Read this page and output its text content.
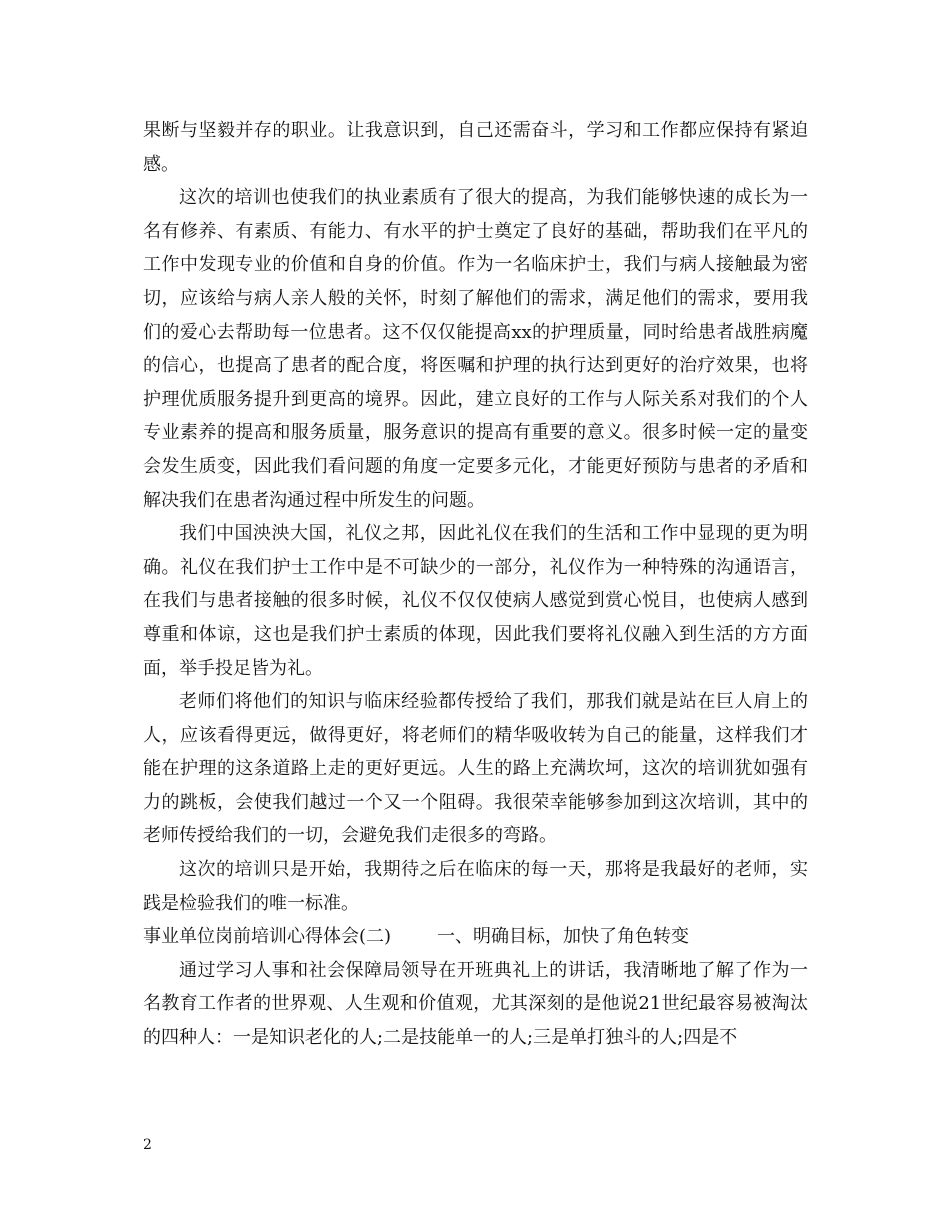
果断与坚毅并存的职业。让我意识到，自己还需奋斗，学习和工作都应保持有紧迫感。

这次的培训也使我们的执业素质有了很大的提高，为我们能够快速的成长为一名有修养、有素质、有能力、有水平的护士奠定了良好的基础，帮助我们在平凡的工作中发现专业的价值和自身的价值。作为一名临床护士，我们与病人接触最为密切，应该给与病人亲人般的关怀，时刻了解他们的需求，满足他们的需求，要用我们的爱心去帮助每一位患者。这不仅仅能提高xx的护理质量，同时给患者战胜病魔的信心，也提高了患者的配合度，将医嘱和护理的执行达到更好的治疗效果，也将护理优质服务提升到更高的境界。因此，建立良好的工作与人际关系对我们的个人专业素养的提高和服务质量，服务意识的提高有重要的意义。很多时候一定的量变会发生质变，因此我们看问题的角度一定要多元化，才能更好预防与患者的矛盾和解决我们在患者沟通过程中所发生的问题。

我们中国泱泱大国，礼仪之邦，因此礼仪在我们的生活和工作中显现的更为明确。礼仪在我们护士工作中是不可缺少的一部分，礼仪作为一种特殊的沟通语言，在我们与患者接触的很多时候，礼仪不仅仅使病人感觉到赏心悦目，也使病人感到尊重和体谅，这也是我们护士素质的体现，因此我们要将礼仪融入到生活的方方面面，举手投足皆为礼。

老师们将他们的知识与临床经验都传授给了我们，那我们就是站在巨人肩上的人，应该看得更远，做得更好，将老师们的精华吸收转为自己的能量，这样我们才能在护理的这条道路上走的更好更远。人生的路上充满坎坷，这次的培训犹如强有力的跳板，会使我们越过一个又一个阻碍。我很荣幸能够参加到这次培训，其中的老师传授给我们的一切，会避免我们走很多的弯路。

这次的培训只是开始，我期待之后在临床的每一天，那将是我最好的老师，实践是检验我们的唯一标准。

事业单位岗前培训心得体会(二)	一、明确目标，加快了角色转变

通过学习人事和社会保障局领导在开班典礼上的讲话，我清晰地了解了作为一名教育工作者的世界观、人生观和价值观，尤其深刻的是他说21世纪最容易被淘汰的四种人：一是知识老化的人;二是技能单一的人;三是单打独斗的人;四是不

2
